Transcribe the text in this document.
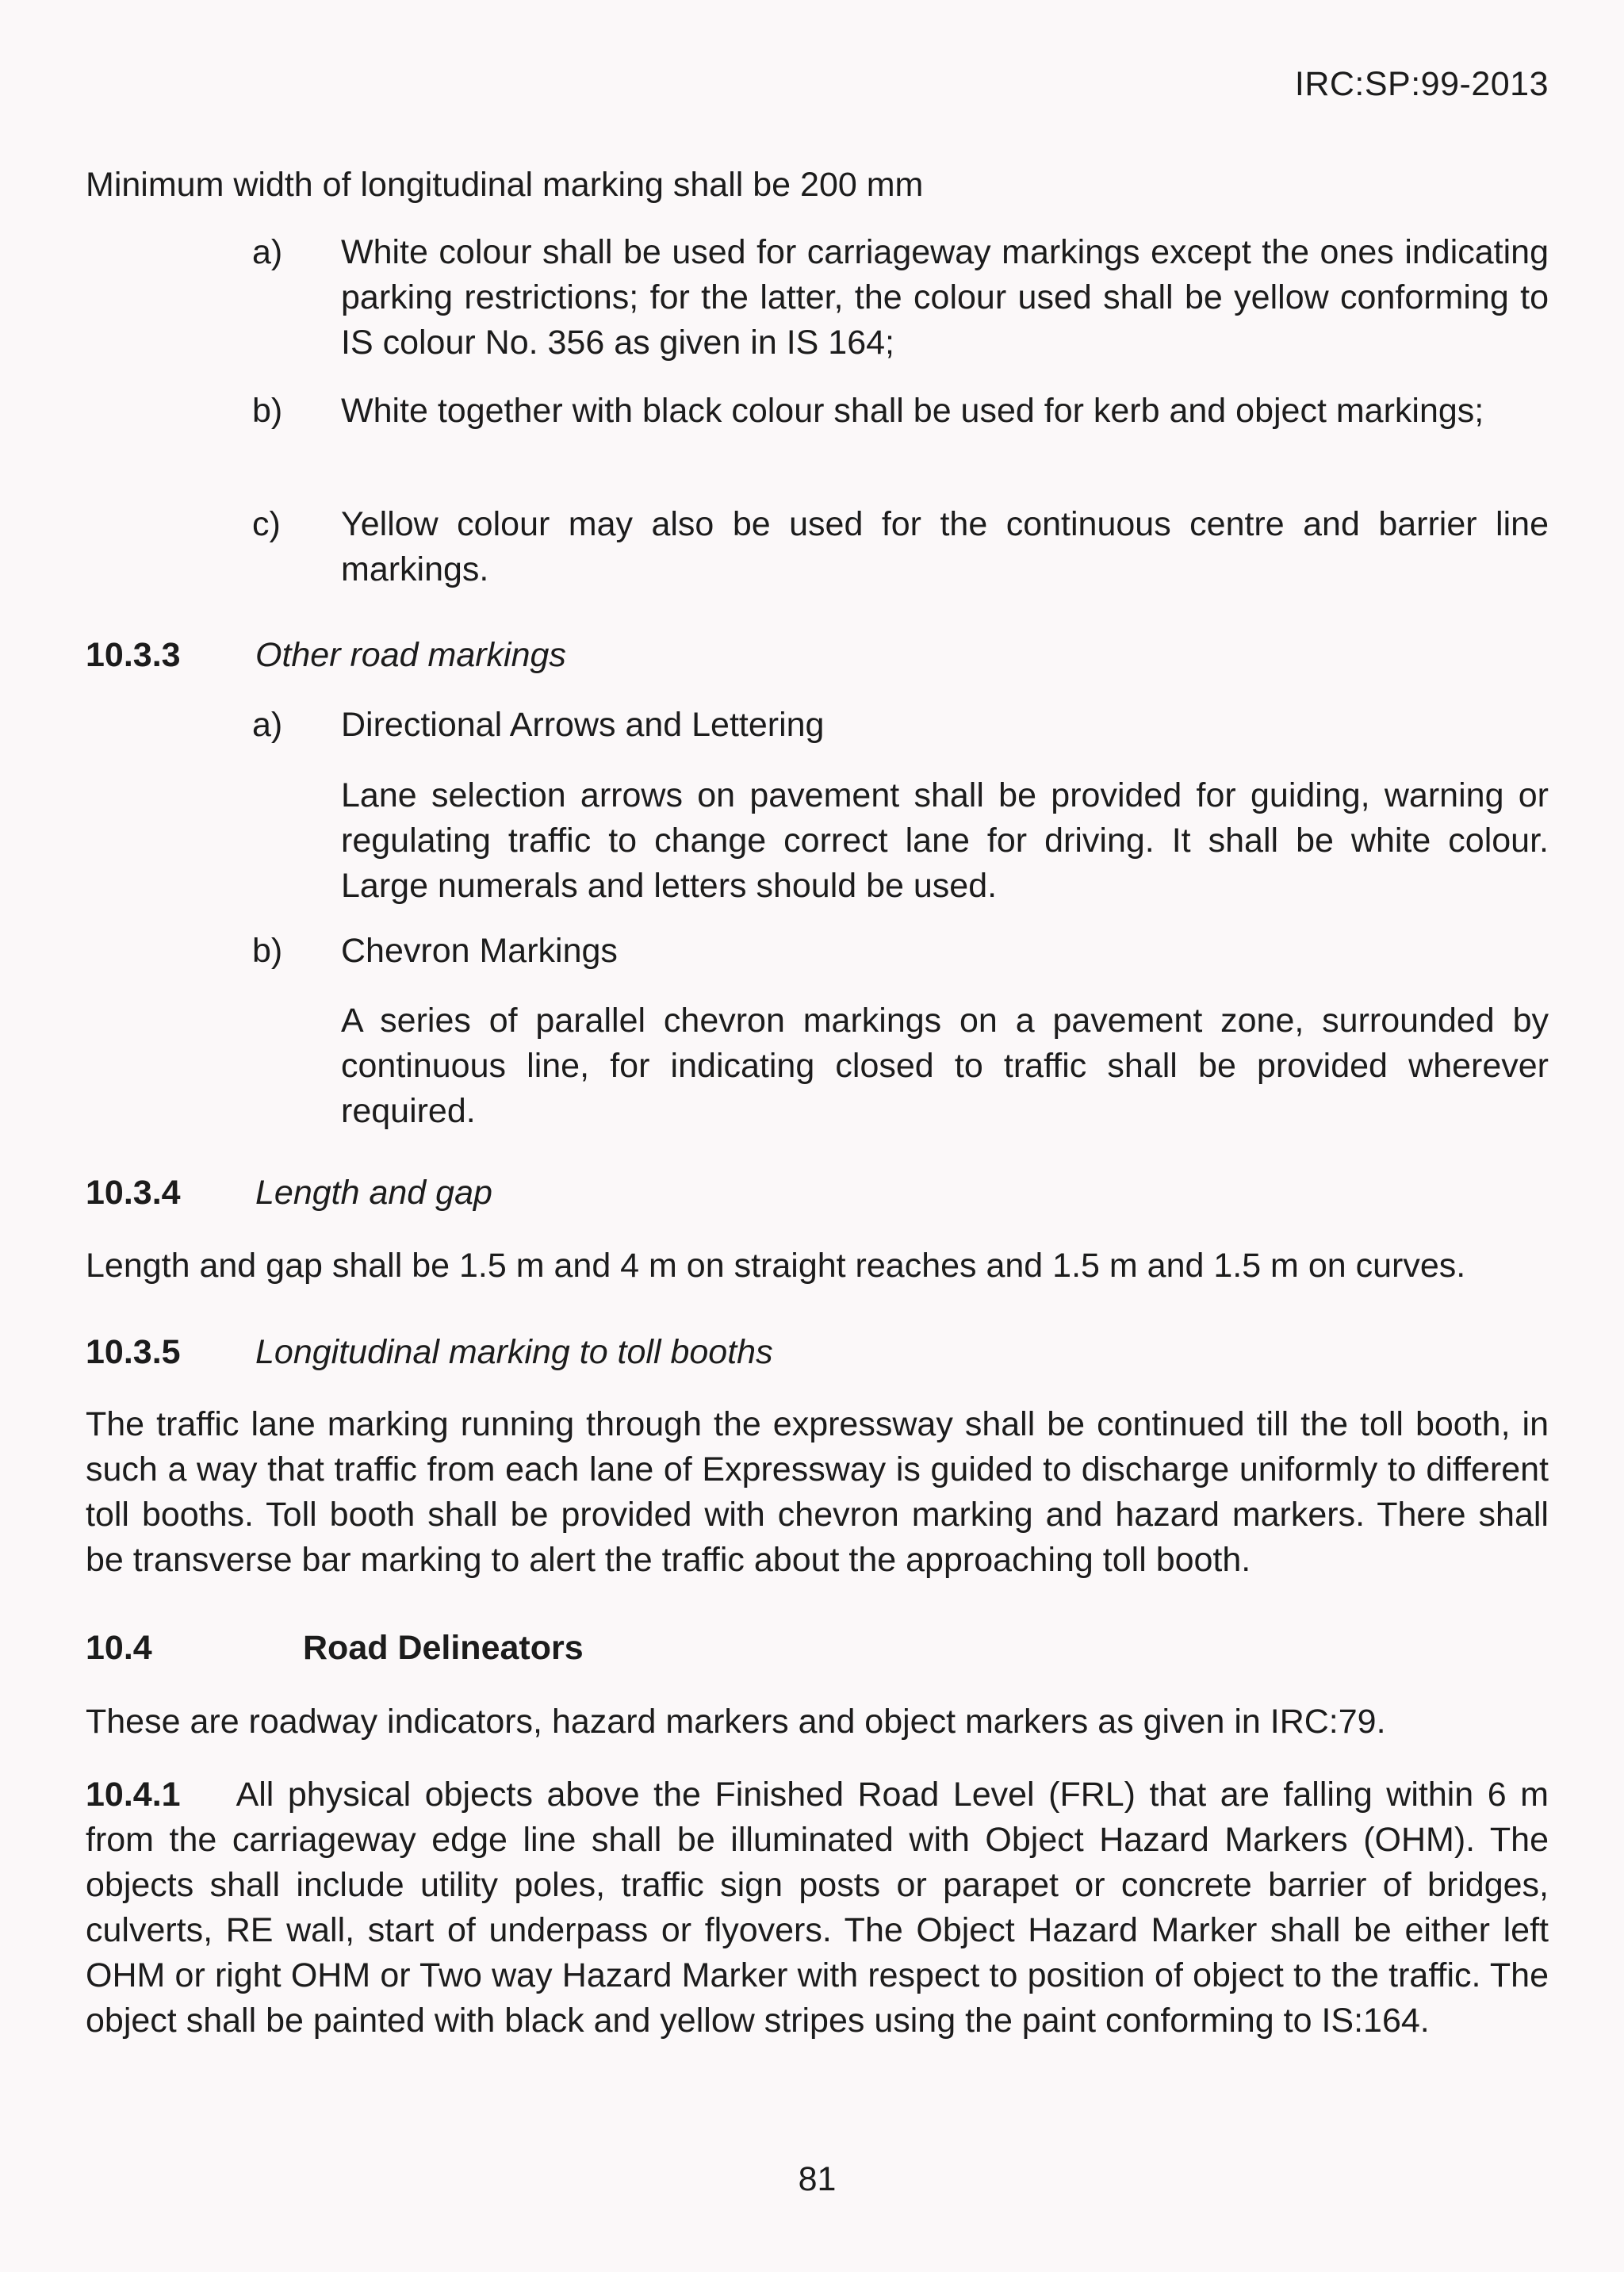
IRC:SP:99-2013
Minimum width of longitudinal marking shall be 200 mm
a) White colour shall be used for carriageway markings except the ones indicating parking restrictions; for the latter, the colour used shall be yellow conforming to IS colour No. 356 as given in IS 164;
b) White together with black colour shall be used for kerb and object markings;
c) Yellow colour may also be used for the continuous centre and barrier line markings.
10.3.3 Other road markings
a) Directional Arrows and Lettering
Lane selection arrows on pavement shall be provided for guiding, warning or regulating traffic to change correct lane for driving. It shall be white colour. Large numerals and letters should be used.
b) Chevron Markings
A series of parallel chevron markings on a pavement zone, surrounded by continuous line, for indicating closed to traffic shall be provided wherever required.
10.3.4 Length and gap
Length and gap shall be 1.5 m and 4 m on straight reaches and 1.5 m and 1.5 m on curves.
10.3.5 Longitudinal marking to toll booths
The traffic lane marking running through the expressway shall be continued till the toll booth, in such a way that traffic from each lane of Expressway is guided to discharge uniformly to different toll booths. Toll booth shall be provided with chevron marking and hazard markers. There shall be transverse bar marking to alert the traffic about the approaching toll booth.
10.4	Road Delineators
These are roadway indicators, hazard markers and object markers as given in IRC:79.
10.4.1 All physical objects above the Finished Road Level (FRL) that are falling within 6 m from the carriageway edge line shall be illuminated with Object Hazard Markers (OHM). The objects shall include utility poles, traffic sign posts or parapet or concrete barrier of bridges, culverts, RE wall, start of underpass or flyovers. The Object Hazard Marker shall be either left OHM or right OHM or Two way Hazard Marker with respect to position of object to the traffic. The object shall be painted with black and yellow stripes using the paint conforming to IS:164.
81
